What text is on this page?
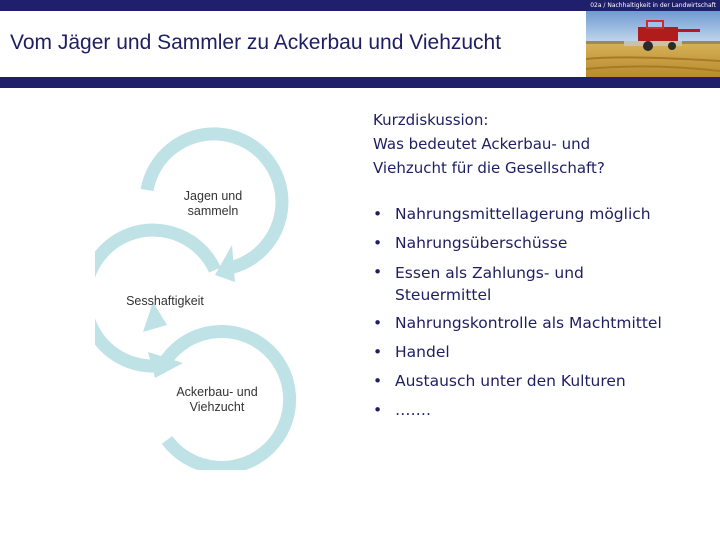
02a / Nachhaltigkeit in der Landwirtschaft
Vom Jäger und Sammler zu Ackerbau und Viehzucht
Jagen und sammeln
Sesshaftigkeit
Ackerbau- und Viehzucht
Kurzdiskussion:
Was bedeutet Ackerbau- und
Viehzucht für die Gesellschaft?
• Nahrungsmittellagerung möglich
• Nahrungsüberschüsse
• Essen als Zahlungs- und Steuermittel
• Nahrungskontrolle als Machtmittel
• Handel
• Austausch unter den Kulturen
• …….
